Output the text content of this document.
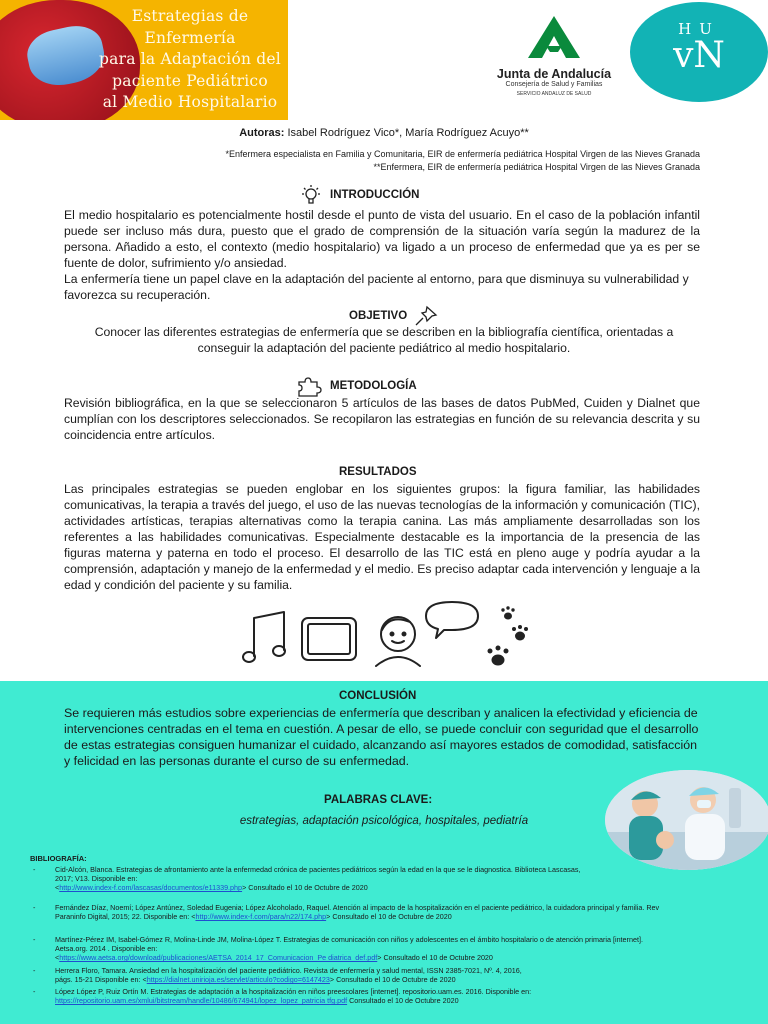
Estrategias de Enfermería
para la Adaptación del
paciente Pediátrico
al Medio Hospitalario
Junta de Andalucía
Consejería de Salud y Familias
SERVICIO ANDALUZ DE SALUD
HU
vN
Autoras: Isabel Rodríguez Vico*, María Rodríguez Acuyo**
*Enfermera especialista en Familia y Comunitaria, EIR de enfermería pediátrica Hospital Virgen de las Nieves Granada
**Enfermera, EIR de enfermería pediátrica Hospital Virgen de las Nieves Granada
INTRODUCCIÓN

El medio hospitalario es potencialmente hostil desde el punto de vista del usuario. En el caso de la población infantil puede ser incluso más dura, puesto que el grado de comprensión de la situación varía según la madurez de la persona. Añadido a esto, el contexto (medio hospitalario) va ligado a un proceso de enfermedad que ya es per se fuente de dolor, sufrimiento y/o ansiedad.

La enfermería tiene un papel clave en la adaptación del paciente al entorno, para que disminuya su vulnerabilidad y favorezca su recuperación.

OBJETIVO

Conocer las diferentes estrategias de enfermería que se describen en la bibliografía científica, orientadas a conseguir la adaptación del paciente pediátrico al medio hospitalario.

METODOLOGÍA

Revisión bibliográfica, en la que se seleccionaron 5 artículos de las bases de datos PubMed, Cuiden y Dialnet que cumplían con los descriptores seleccionados. Se recopilaron las estrategias en función de su relevancia descrita y su coincidencia entre artículos.

RESULTADOS

Las principales estrategias se pueden englobar en los siguientes grupos: la figura familiar, las habilidades comunicativas, la terapia a través del juego, el uso de las nuevas tecnologías de la información y comunicación (TIC), actividades artísticas, terapias alternativas como la terapia canina. Las más ampliamente desarrolladas son los referentes a las habilidades comunicativas. Especialmente destacable es la importancia de la presencia de las figuras materna y paterna en todo el proceso. El desarrollo de las TIC está en pleno auge y podría ayudar a la comprensión, adaptación y manejo de la enfermedad y el medio. Es preciso adaptar cada intervención y lenguaje a la edad y condición del paciente y su familia.

CONCLUSIÓN

Se requieren más estudios sobre experiencias de enfermería que describan y analicen la efectividad y eficiencia de intervenciones centradas en el tema en cuestión. A pesar de ello, se puede concluir con seguridad que el desarrollo de estas estrategias consiguen humanizar el cuidado, alcanzando así mayores estados de comodidad, satisfacción y felicidad en las personas durante el curso de su enfermedad.

PALABRAS CLAVE:
estrategias, adaptación psicológica, hospitales, pediatría
BIBLIOGRAFÍA:
-	Cid-Alcón, Blanca. Estrategias de afrontamiento ante la enfermedad crónica de pacientes pediátricos según la edad en la que se le diagnostica. Biblioteca Lascasas,
2017; V13. Disponible en:
<http://www.index-f.com/lascasas/documentos/e11339.php> Consultado el 10 de Octubre de 2020
-	Fernández Díaz, Noemí; López Antúnez, Soledad Eugenia; López Alcoholado, Raquel. Atención al impacto de la hospitalización en el paciente pediátrico, la cuidadora principal y familia. Rev Paraninfo Digital, 2015; 22. Disponible en: <http://www.index-f.com/para/n22/174.php> Consultado el 10 de Octubre de 2020
-	Martínez-Pérez IM, Isabel-Gómez R, Molina-Linde JM, Molina-López T. Estrategias de comunicación con niños y adolescentes en el ámbito hospitalario o de atención primaria [internet]. Aetsa.org. 2014 . Disponible en:
<https://www.aetsa.org/download/publicaciones/AETSA_2014_17_Comunicacion_Pe diatrica_def.pdf> Consultado el 10 de Octubre 2020
-	Herrera Floro, Tamara. Ansiedad en la hospitalización del paciente pediátrico. Revista de enfermería y salud mental, ISSN 2385-7021, Nº. 4, 2016,
págs. 15-21 Disponible en: <https://dialnet.unirioja.es/servlet/articulo?codigo=6147423> Consultado el 10 de Octubre de 2020
-	López López P, Ruiz Ortín M. Estrategias de adaptación a la hospitalización en niños preescolares [internet]. repositorio.uam.es. 2016. Disponible en: https://repositorio.uam.es/xmlui/bitstream/handle/10486/674941/lopez_lopez_patricia tfg.pdf Consultado el 10 de Octubre 2020
